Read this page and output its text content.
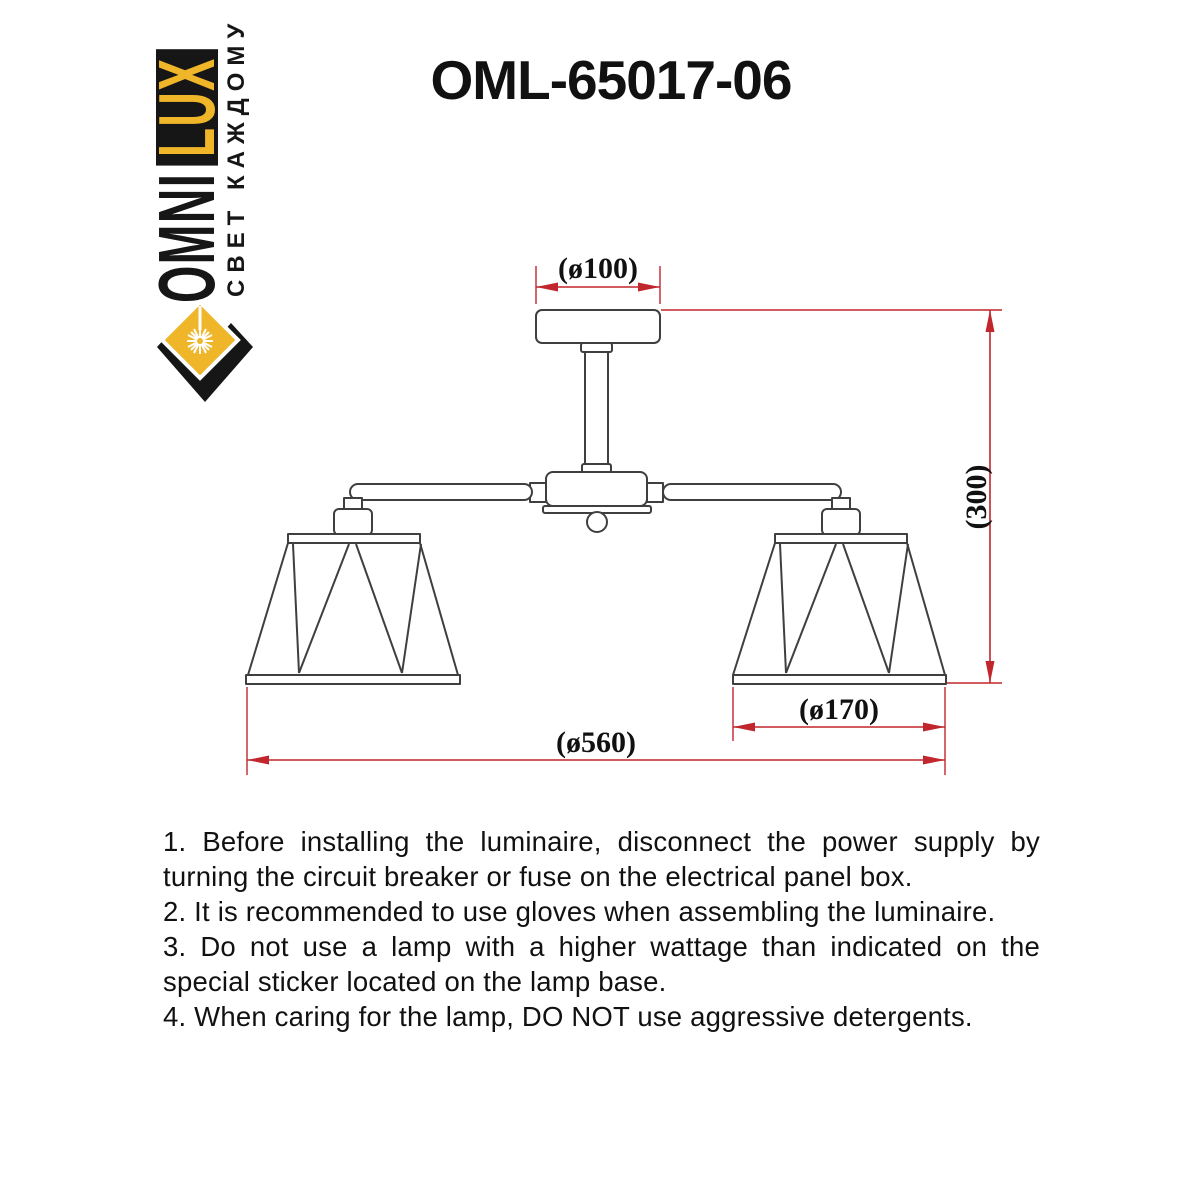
OMNI
LUX
СВЕТ КАЖДОМУ	OML-65017-06
(ø100)
(300)
(ø170)
(ø560)

1. Before installing the luminaire, disconnect the power supply by turning the circuit breaker or fuse on the electrical panel box.

2. It is recommended to use gloves when assembling the luminaire.

3. Do not use a lamp with a higher wattage than indicated on the special sticker located on the lamp base.

4. When caring for the lamp, DO NOT use aggressive detergents.
